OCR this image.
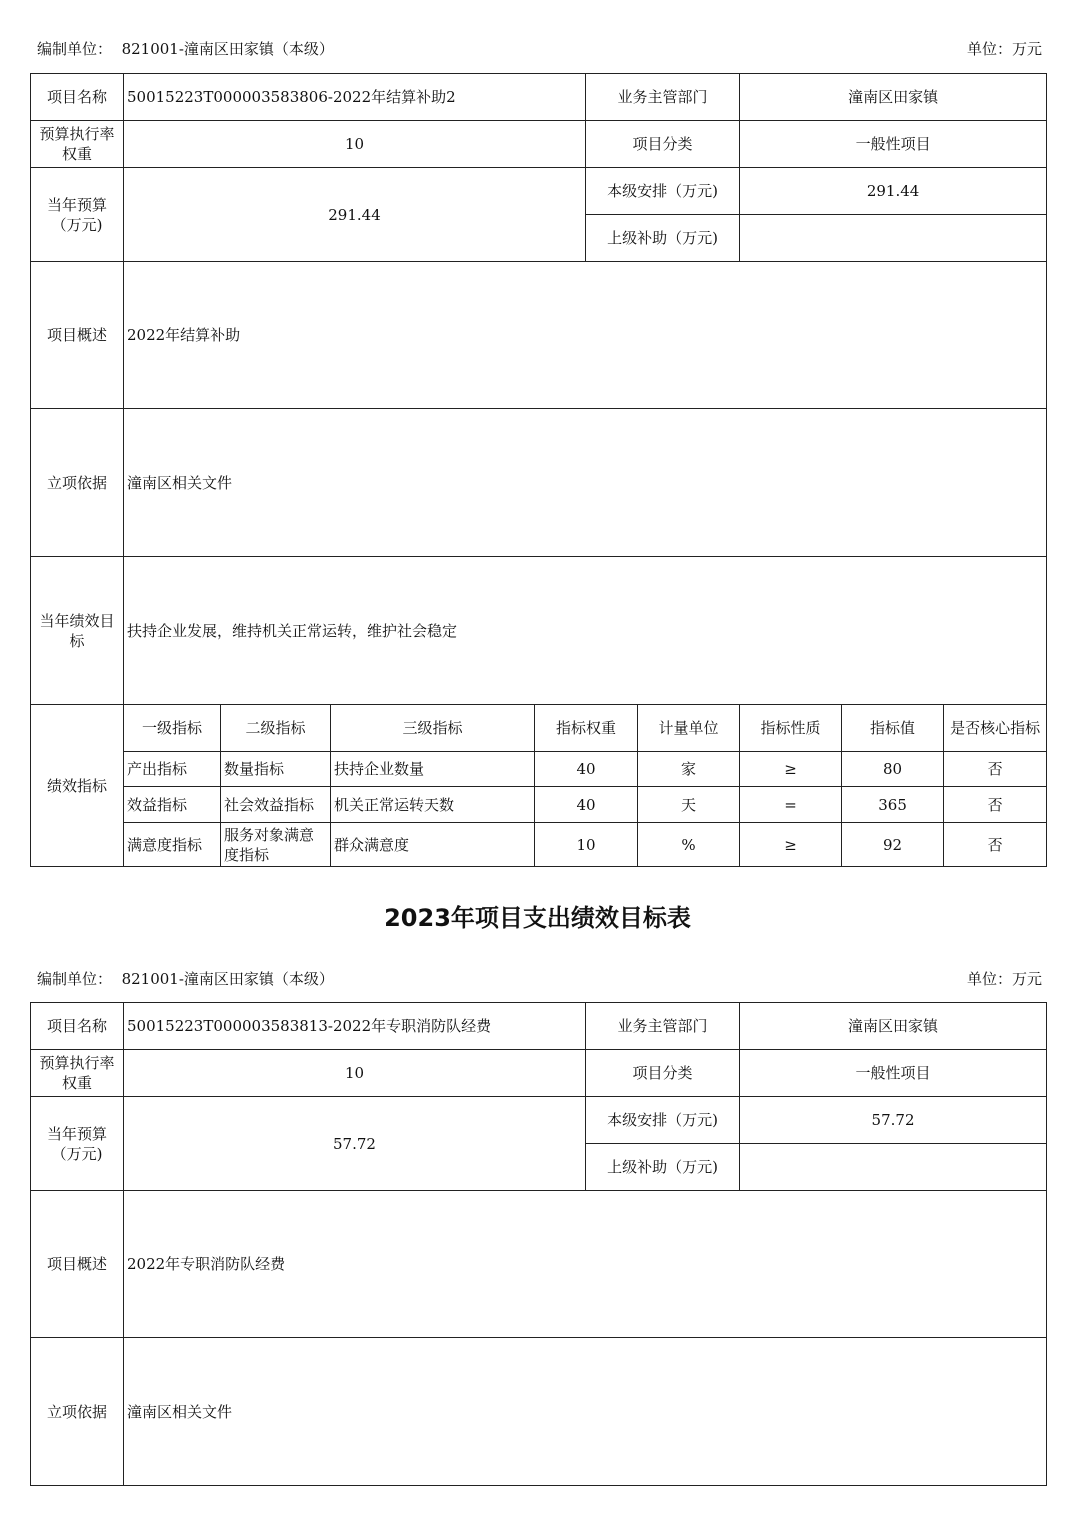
编制单位： 821001-潼南区田家镇（本级）	单位：万元
项目名称	50015223T000003583806-2022年结算补助2				业务主管部门		潼南区田家镇		
预算执行率权重	10				项目分类		一般性项目		
当年预算（万元)	291.44				本级安排（万元)		291.44		
					上级补助（万元)				
项目概述	2022年结算补助								
立项依据	潼南区相关文件								
当年绩效目标	扶持企业发展，维持机关正常运转，维护社会稳定								
绩效指标	一级指标	二级指标	三级指标	指标权重		计量单位	指标性质	指标值	是否核心指标
	产出指标	数量指标	扶持企业数量	40		家	≥	80	否
	效益指标	社会效益指标	机关正常运转天数	40		天	=	365	否
	满意度指标	服务对象满意度指标	群众满意度	10		%	≥	92	否
2023年项目支出绩效目标表
编制单位： 821001-潼南区田家镇（本级）	单位：万元
项目名称	50015223T000003583813-2022年专职消防队经费	业务主管部门	潼南区田家镇
预算执行率权重	10	项目分类	一般性项目
当年预算（万元)	57.72	本级安排（万元)	57.72
		上级补助（万元)	
项目概述	2022年专职消防队经费		
立项依据	潼南区相关文件		
